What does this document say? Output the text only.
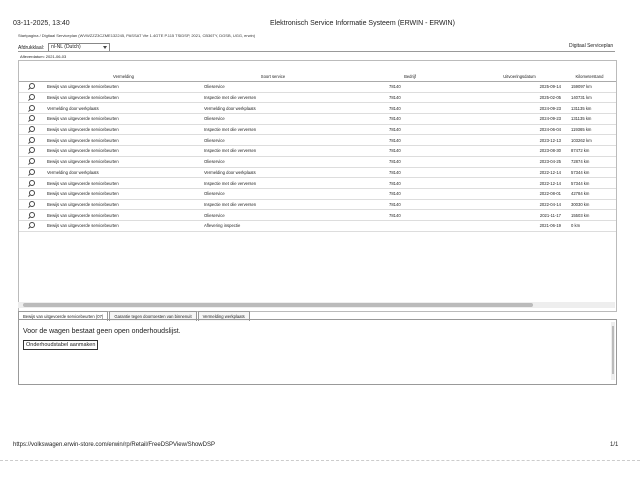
03-11-2025, 13:40	Elektronisch Service Informatie Systeem (ERWIN - ERWIN)
Startpagina / Digitaal Serviceplan (WVWZZZ3CZME132245, PASSAT Vte 1.4GTE P.115 TSIDSP, 2021, CB36TY, DGSB, UGG, erwin)
Afdrukklaal:	nl-NL (Dutch)	Digitaal Serviceplan
Afleverdatum: 2021-06-03
	Vermelding	Soort service	Bedrijf	Uitvoeringsdatum	Kilometerstand
	Bewijs van uitgevoerde servicebeurten	Olieservice	78140	2025-09-14	159097 km
	Bewijs van uitgevoerde servicebeurten	Inspectie met olie verversen	78140	2025-02-05	140731 km
	Vermelding door werkplaats	Vermelding door werkplaats	78140	2024-09-23	131135 km
	Bewijs van uitgevoerde servicebeurten	Olieservice	78140	2024-09-23	131135 km
	Bewijs van uitgevoerde servicebeurten	Inspectie met olie verversen	78140	2024-06-04	119365 km
	Bewijs van uitgevoerde servicebeurten	Olieservice	78140	2023-12-13	103262 km
	Bewijs van uitgevoerde servicebeurten	Inspectie met olie verversen	78140	2023-08-30	87472 km
	Bewijs van uitgevoerde servicebeurten	Olieservice	78140	2023-04-25	72874 km
	Vermelding door werkplaats	Vermelding door werkplaats	78140	2022-12-14	57344 km
	Bewijs van uitgevoerde servicebeurten	Inspectie met olie verversen	78140	2022-12-14	57344 km
	Bewijs van uitgevoerde servicebeurten	Olieservice	78140	2022-08-01	42784 km
	Bewijs van uitgevoerde servicebeurten	Inspectie met olie verversen	78140	2022-04-14	30030 km
	Bewijs van uitgevoerde servicebeurten	Olieservice	78140	2021-11-17	15503 km
	Bewijs van uitgevoerde servicebeurten	Aflevering inspectie		2021-06-19	0 km
Bewijs van uitgevoerde servicebeurten (07)	Garantie tegen doorroesten van binnenuit	Vermelding werkplaats
Voor de wagen bestaat geen open onderhoudslijst.
Onderhoudstabel aanmaken
https://volkswagen.erwin-store.com/erwin/rp/Retail/FreeDSPView/ShowDSP	1/1
